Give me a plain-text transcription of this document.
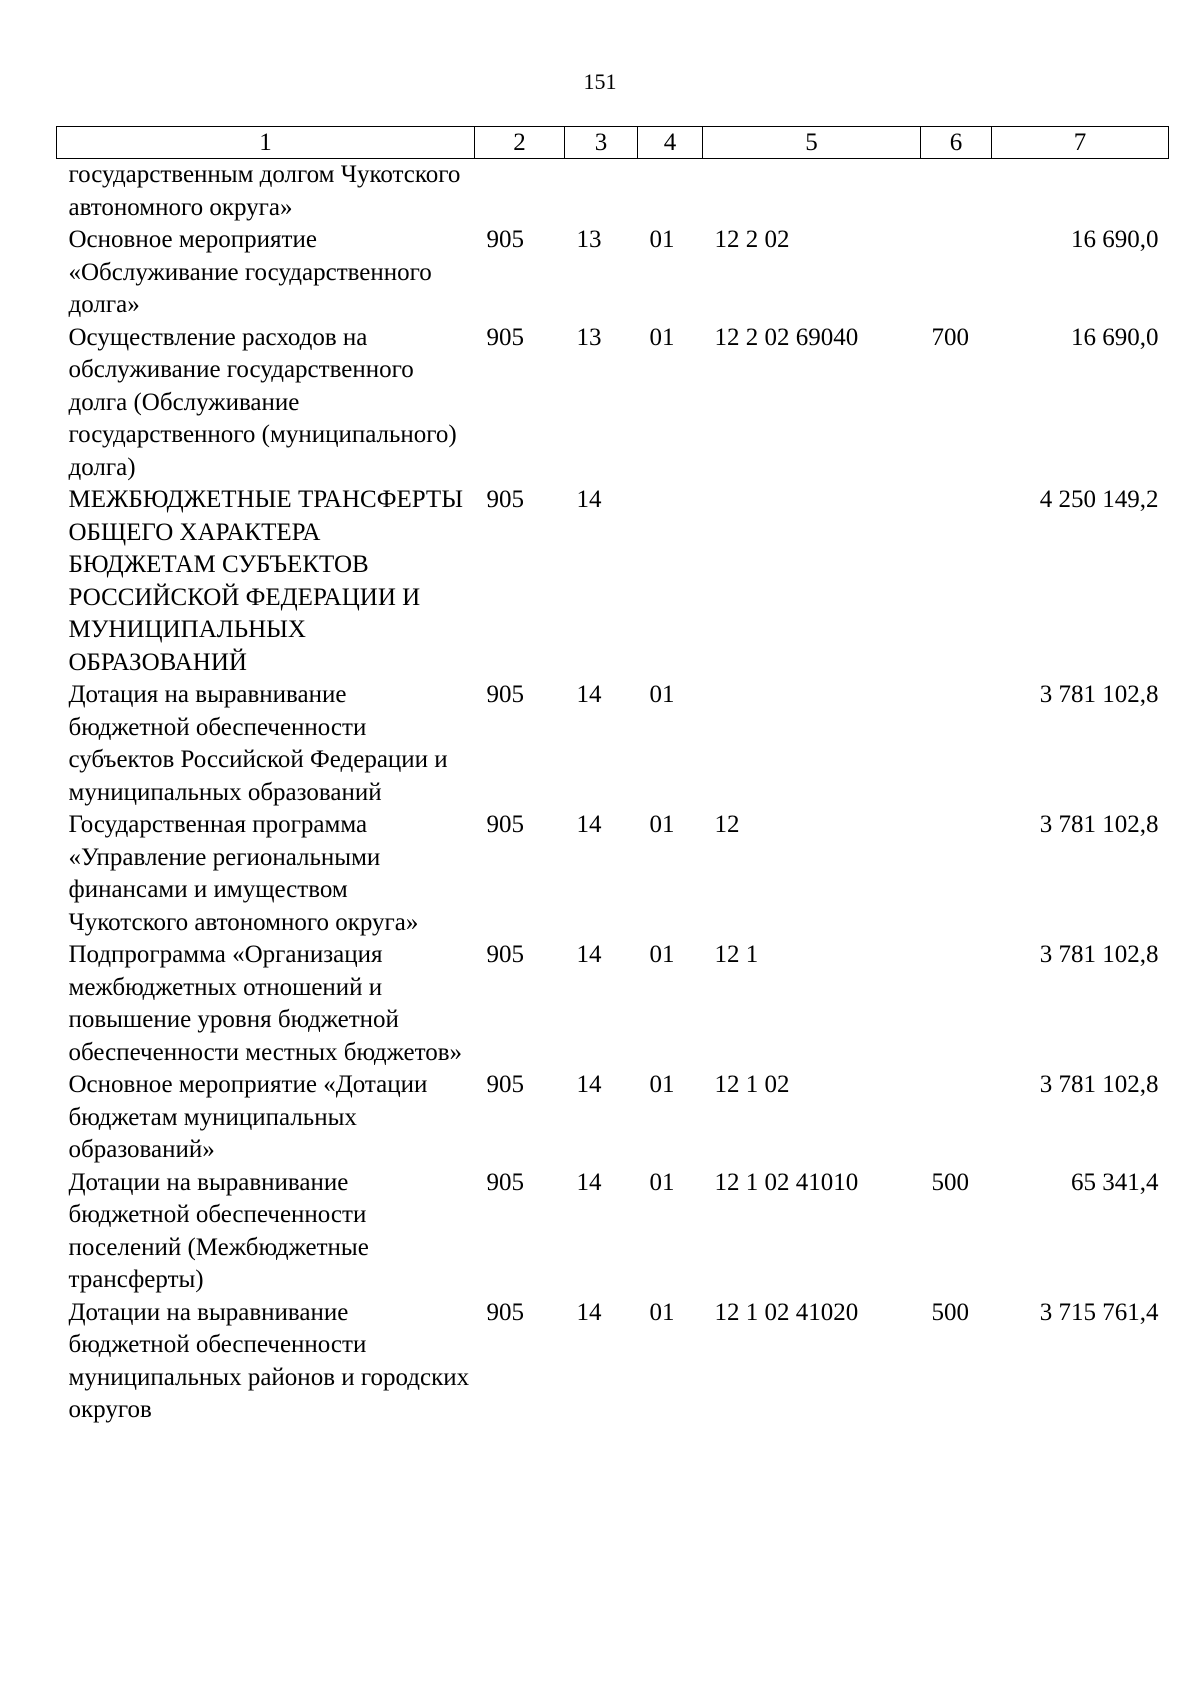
151
1	2	3	4	5	6	7
государственным долгом Чукотского автономного округа»						
Основное мероприятие «Обслуживание государственного долга»	905	13	01	12 2 02		16 690,0
Осуществление расходов на обслуживание государственного долга (Обслуживание государственного (муниципального) долга)	905	13	01	12 2 02 69040	700	16 690,0
МЕЖБЮДЖЕТНЫЕ ТРАНСФЕРТЫ ОБЩЕГО ХАРАКТЕРА БЮДЖЕТАМ СУБЪЕКТОВ РОССИЙСКОЙ ФЕДЕРАЦИИ И МУНИЦИПАЛЬНЫХ ОБРАЗОВАНИЙ	905	14				4 250 149,2
Дотация на выравнивание бюджетной обеспеченности субъектов Российской Федерации и муниципальных образований	905	14	01			3 781 102,8
Государственная программа «Управление региональными финансами и имуществом Чукотского автономного округа»	905	14	01	12		3 781 102,8
Подпрограмма «Организация межбюджетных отношений и повышение уровня бюджетной обеспеченности местных бюджетов»	905	14	01	12 1		3 781 102,8
Основное мероприятие «Дотации бюджетам муниципальных образований»	905	14	01	12 1 02		3 781 102,8
Дотации на выравнивание бюджетной обеспеченности поселений (Межбюджетные трансферты)	905	14	01	12 1 02 41010	500	65 341,4
Дотации на выравнивание бюджетной обеспеченности муниципальных районов и городских округов	905	14	01	12 1 02 41020	500	3 715 761,4
